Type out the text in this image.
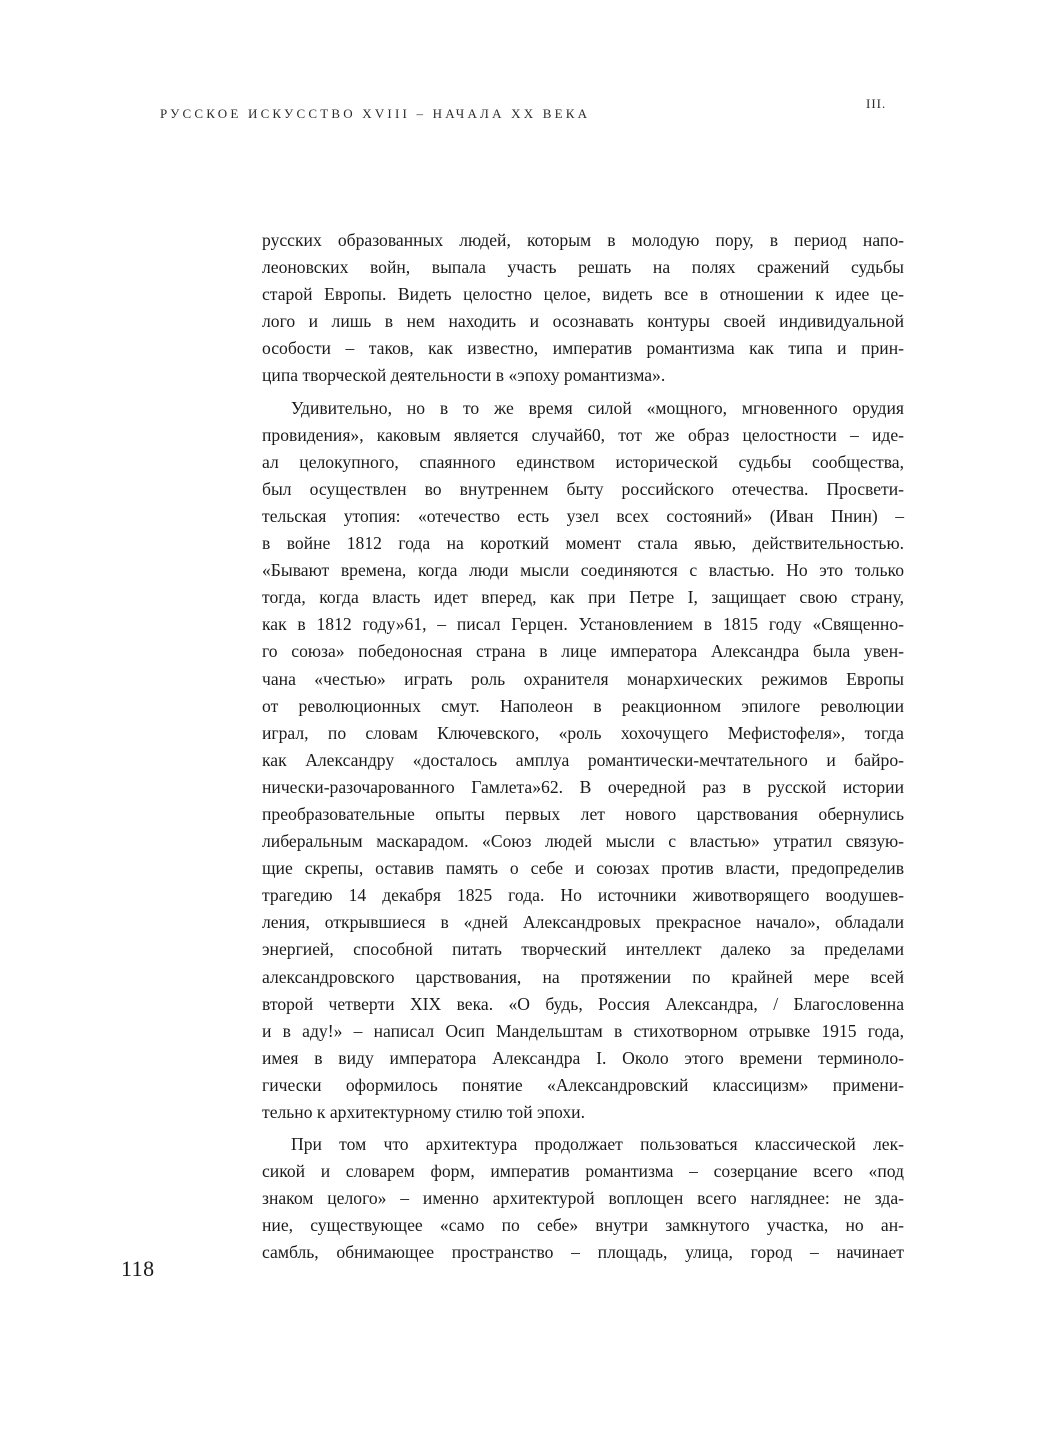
РУССКОЕ ИСКУССТВО XVIII – НАЧАЛА XX ВЕКА
III.
русских образованных людей, которым в молодую пору, в период напо-
леоновских войн, выпала участь решать на полях сражений судьбы
старой Европы. Видеть целостно целое, видеть все в отношении к идее це-
лого и лишь в нем находить и осознавать контуры своей индивидуальной
особости – таков, как известно, императив романтизма как типа и прин-
ципа творческой деятельности в «эпоху романтизма».
Удивительно, но в то же время силой «мощного, мгновенного орудия
провидения», каковым является случай60, тот же образ целостности – иде-
ал целокупного, спаянного единством исторической судьбы сообщества,
был осуществлен во внутреннем быту российского отечества. Просвети-
тельская утопия: «отечество есть узел всех состояний» (Иван Пнин) –
в войне 1812 года на короткий момент стала явью, действительностью.
«Бывают времена, когда люди мысли соединяются с властью. Но это только
тогда, когда власть идет вперед, как при Петре I, защищает свою страну,
как в 1812 году»61, – писал Герцен. Установлением в 1815 году «Священно-
го союза» победоносная страна в лице императора Александра была увен-
чана «честью» играть роль охранителя монархических режимов Европы
от революционных смут. Наполеон в реакционном эпилоге революции
играл, по словам Ключевского, «роль хохочущего Мефистофеля», тогда
как Александру «досталось амплуа романтически-мечтательного и байро-
нически-разочарованного Гамлета»62. В очередной раз в русской истории
преобразовательные опыты первых лет нового царствования обернулись
либеральным маскарадом. «Союз людей мысли с властью» утратил связую-
щие скрепы, оставив память о себе и союзах против власти, предопределив
трагедию 14 декабря 1825 года. Но источники животворящего воодушев-
ления, открывшиеся в «дней Александровых прекрасное начало», обладали
энергией, способной питать творческий интеллект далеко за пределами
александровского царствования, на протяжении по крайней мере всей
второй четверти XIX века. «О будь, Россия Александра, / Благословенна
и в аду!» – написал Осип Мандельштам в стихотворном отрывке 1915 года,
имея в виду императора Александра I. Около этого времени терминоло-
гически оформилось понятие «Александровский классицизм» примени-
тельно к архитектурному стилю той эпохи.
При том что архитектура продолжает пользоваться классической лек-
сикой и словарем форм, императив романтизма – созерцание всего «под
знаком целого» – именно архитектурой воплощен всего нагляднее: не зда-
ние, существующее «само по себе» внутри замкнутого участка, но ан-
самбль, обнимающее пространство – площадь, улица, город – начинает
118
